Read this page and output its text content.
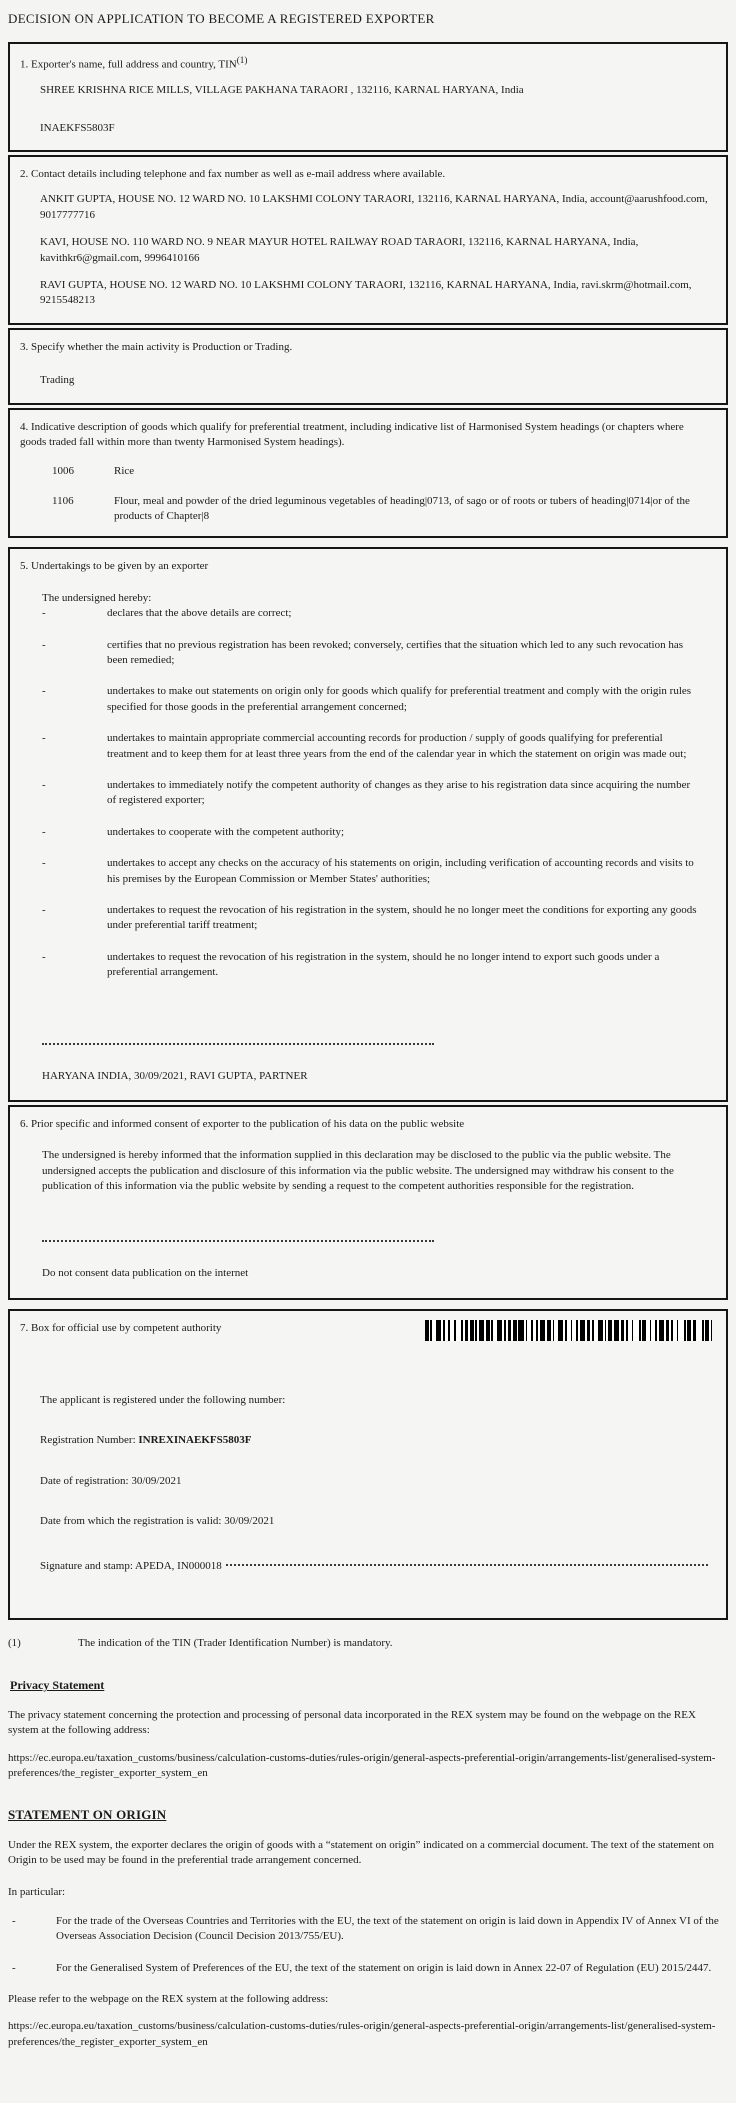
DECISION ON APPLICATION TO BECOME A REGISTERED EXPORTER
1. Exporter's name, full address and country, TIN$^{(1)}$
SHREE KRISHNA RICE MILLS, VILLAGE PAKHANA TARAORI , 132116, KARNAL HARYANA, India
INAEKFS5803F
2. Contact details including telephone and fax number as well as e-mail address where available.
ANKIT GUPTA, HOUSE NO. 12 WARD NO. 10 LAKSHMI COLONY TARAORI, 132116, KARNAL HARYANA, India, account@aarushfood.com, 9017777716
KAVI, HOUSE NO. 110 WARD NO. 9 NEAR MAYUR HOTEL RAILWAY ROAD TARAORI, 132116, KARNAL HARYANA, India, kavithkr6@gmail.com, 9996410166
RAVI GUPTA, HOUSE NO. 12 WARD NO. 10 LAKSHMI COLONY TARAORI, 132116, KARNAL HARYANA, India, ravi.skrm@hotmail.com, 9215548213
3. Specify whether the main activity is Production or Trading.
Trading
4. Indicative description of goods which qualify for preferential treatment, including indicative list of Harmonised System headings (or chapters where goods traded fall within more than twenty Harmonised System headings).
1006	Rice
1106	Flour, meal and powder of the dried leguminous vegetables of heading|0713, of sago or of roots or tubers of heading|0714|or of the products of Chapter|8
5. Undertakings to be given by an exporter
The undersigned hereby:
-	declares that the above details are correct;
-	certifies that no previous registration has been revoked; conversely, certifies that the situation which led to any such revocation has been remedied;
-	undertakes to make out statements on origin only for goods which qualify for preferential treatment and comply with the origin rules specified for those goods in the preferential arrangement concerned;
-	undertakes to maintain appropriate commercial accounting records for production / supply of goods qualifying for preferential treatment and to keep them for at least three years from the end of the calendar year in which the statement on origin was made out;
-	undertakes to immediately notify the competent authority of changes as they arise to his registration data since acquiring the number of registered exporter;
-	undertakes to cooperate with the competent authority;
-	undertakes to accept any checks on the accuracy of his statements on origin, including verification of accounting records and visits to his premises by the European Commission or Member States' authorities;
-	undertakes to request the revocation of his registration in the system, should he no longer meet the conditions for exporting any goods under preferential tariff treatment;
-	undertakes to request the revocation of his registration in the system, should he no longer intend to export such goods under a preferential arrangement.
HARYANA INDIA, 30/09/2021, RAVI GUPTA, PARTNER
6. Prior specific and informed consent of exporter to the publication of his data on the public website
The undersigned is hereby informed that the information supplied in this declaration may be disclosed to the public via the public website. The undersigned accepts the publication and disclosure of this information via the public website. The undersigned may withdraw his consent to the publication of this information via the public website by sending a request to the competent authorities responsible for the registration.
Do not consent data publication on the internet
7. Box for official use by competent authority
The applicant is registered under the following number:
Registration Number: INREXINAEKFS5803F
Date of registration: 30/09/2021
Date from which the registration is valid: 30/09/2021
Signature and stamp: APEDA, IN000018
(1)	The indication of the TIN (Trader Identification Number) is mandatory.
Privacy Statement
The privacy statement concerning the protection and processing of personal data incorporated in the REX system may be found on the webpage on the REX system at the following address:
https://ec.europa.eu/taxation_customs/business/calculation-customs-duties/rules-origin/general-aspects-preferential-origin/arrangements-list/generalised-system-preferences/the_register_exporter_system_en
STATEMENT ON ORIGIN
Under the REX system, the exporter declares the origin of goods with a “statement on origin” indicated on a commercial document. The text of the statement on Origin to be used may be found in the preferential trade arrangement concerned.
In particular:
-	For the trade of the Overseas Countries and Territories with the EU, the text of the statement on origin is laid down in Appendix IV of Annex VI of the Overseas Association Decision (Council Decision 2013/755/EU).
-	For the Generalised System of Preferences of the EU, the text of the statement on origin is laid down in Annex 22-07 of Regulation (EU) 2015/2447.
Please refer to the webpage on the REX system at the following address:
https://ec.europa.eu/taxation_customs/business/calculation-customs-duties/rules-origin/general-aspects-preferential-origin/arrangements-list/generalised-system-preferences/the_register_exporter_system_en
